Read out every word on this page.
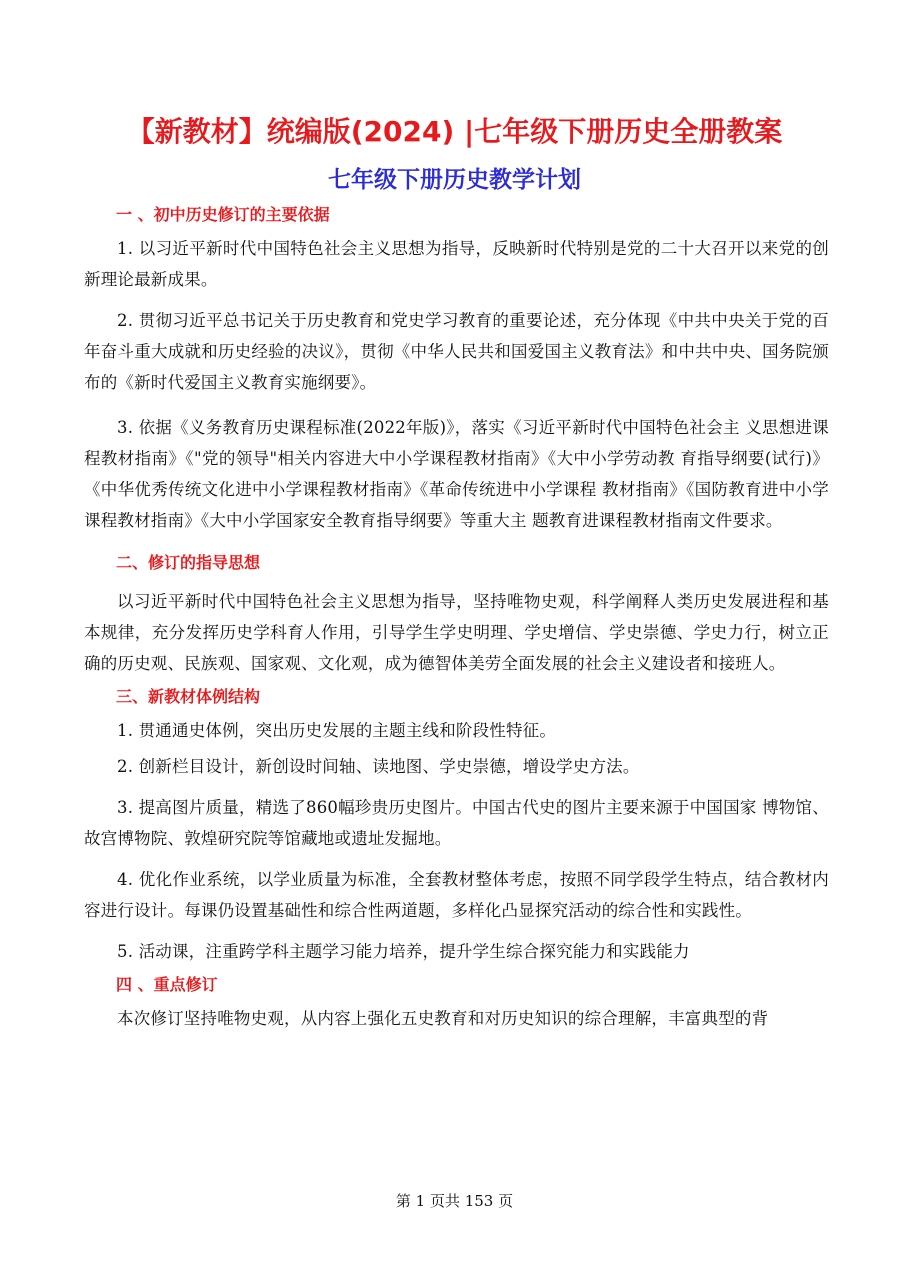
【新教材】统编版(2024) |七年级下册历史全册教案
七年级下册历史教学计划
一 、初中历史修订的主要依据
1. 以习近平新时代中国特色社会主义思想为指导，反映新时代特别是党的二十大召开以来党的创新理论最新成果。
2. 贯彻习近平总书记关于历史教育和党史学习教育的重要论述，充分体现《中共中央关于党的百年奋斗重大成就和历史经验的决议》，贯彻《中华人民共和国爱国主义教育法》和中共中央、国务院颁布的《新时代爱国主义教育实施纲要》。
3. 依据《义务教育历史课程标准(2022年版)》，落实《习近平新时代中国特色社会主 义思想进课程教材指南》《"党的领导"相关内容进大中小学课程教材指南》《大中小学劳动教 育指导纲要(试行)》《中华优秀传统文化进中小学课程教材指南》《革命传统进中小学课程 教材指南》《国防教育进中小学课程教材指南》《大中小学国家安全教育指导纲要》等重大主 题教育进课程教材指南文件要求。
二、修订的指导思想
以习近平新时代中国特色社会主义思想为指导，坚持唯物史观，科学阐释人类历史发展进程和基本规律，充分发挥历史学科育人作用，引导学生学史明理、学史增信、学史崇德、学史力行，树立正确的历史观、民族观、国家观、文化观，成为德智体美劳全面发展的社会主义建设者和接班人。
三、新教材体例结构
1. 贯通通史体例，突出历史发展的主题主线和阶段性特征。
2. 创新栏目设计，新创设时间轴、读地图、学史崇德，增设学史方法。
3. 提高图片质量，精选了860幅珍贵历史图片。中国古代史的图片主要来源于中国国家 博物馆、故宫博物院、敦煌研究院等馆藏地或遗址发掘地。
4. 优化作业系统，以学业质量为标准，全套教材整体考虑，按照不同学段学生特点，结合教材内容进行设计。每课仍设置基础性和综合性两道题，多样化凸显探究活动的综合性和实践性。
5. 活动课，注重跨学科主题学习能力培养，提升学生综合探究能力和实践能力
四 、重点修订
本次修订坚持唯物史观，从内容上强化五史教育和对历史知识的综合理解，丰富典型的背
第 1 页共 153 页
